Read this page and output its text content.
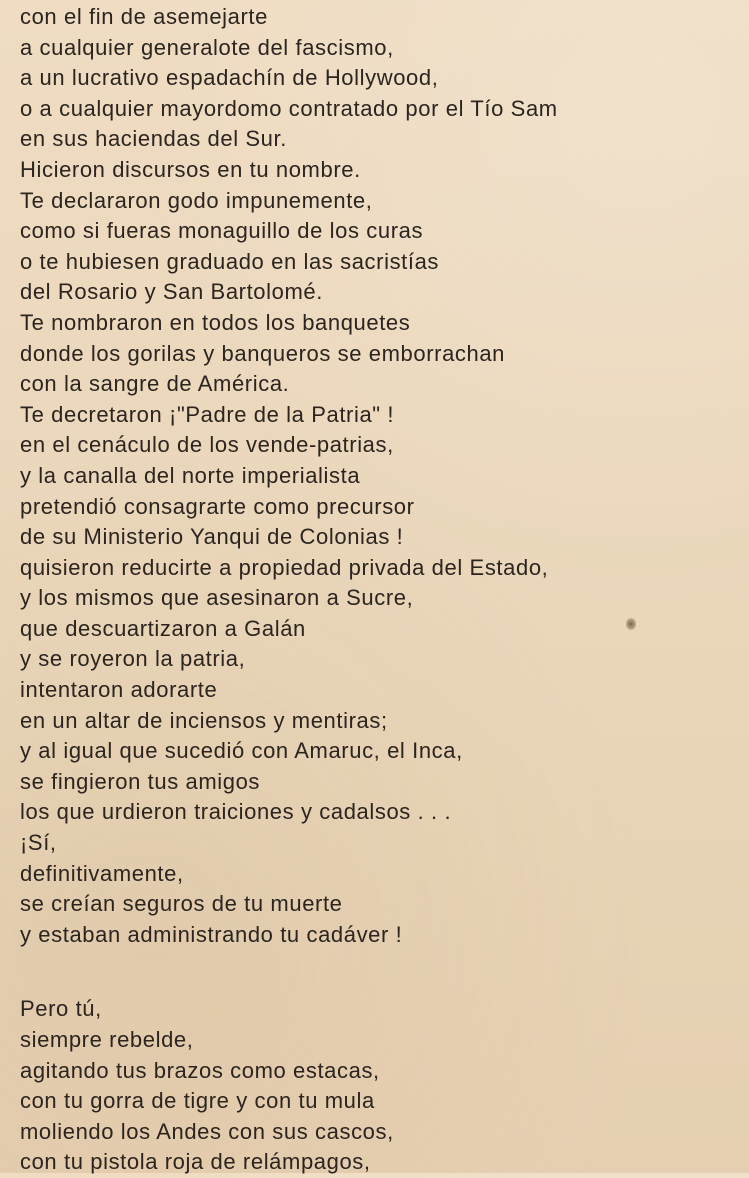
con el fin de asemejarte
a cualquier generalote del fascismo,
a un lucrativo espadachín de Hollywood,
o a cualquier mayordomo contratado por el Tío Sam
en sus haciendas del Sur.
Hicieron discursos en tu nombre.
Te declararon godo impunemente,
como si fueras monaguillo de los curas
o te hubiesen graduado en las sacristías
del Rosario y San Bartolomé.
Te nombraron en todos los banquetes
donde los gorilas y banqueros se emborrachan
con la sangre de América.
Te decretaron ¡"Padre de la Patria" !
en el cenáculo de los vende-patrias,
y la canalla del norte imperialista
pretendió consagrarte como precursor
de su Ministerio Yanqui de Colonias !
quisieron reducirte a propiedad privada del Estado,
y los mismos que asesinaron a Sucre,
que descuartizaron a Galán
y se royeron la patria,
intentaron adorarte
en un altar de inciensos y mentiras;
y al igual que sucedió con Amaruc, el Inca,
se fingieron tus amigos
los que urdieron traiciones y cadalsos . . .
¡Sí,
definitivamente,
se creían seguros de tu muerte
y estaban administrando tu cadáver !
Pero tú,
siempre rebelde,
agitando tus brazos como estacas,
con tu gorra de tigre y con tu mula
moliendo los Andes con sus cascos,
con tu pistola roja de relámpagos,
